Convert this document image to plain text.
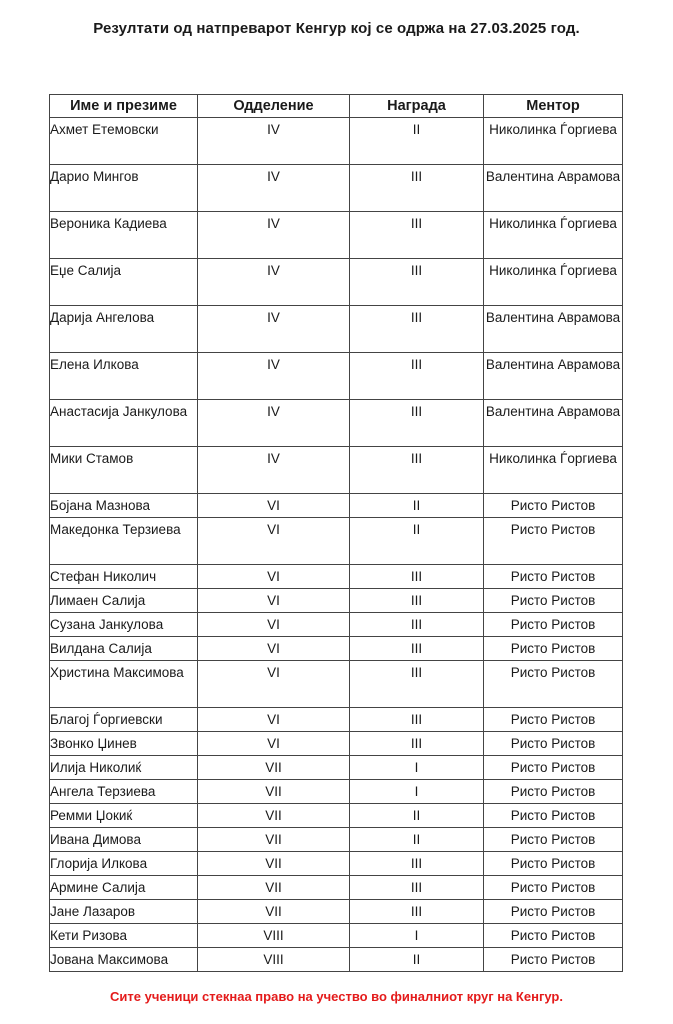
Резултати од натпреварот Кенгур кој се одржа на 27.03.2025 год.
Име и презиме	Одделение	Награда	Ментор

Ахмет Етемовски	IV	II	Николинка Ѓоргиева

Дарио Мингов	IV	III	Валентина Аврамова

Вероника Кадиева	IV	III	Николинка Ѓоргиева

Еџе Салија	IV	III	Николинка Ѓоргиева

Дарија Ангелова	IV	III	Валентина Аврамова

Елена Илкова	IV	III	Валентина Аврамова

Анастасија Јанкулова	IV	III	Валентина Аврамова

Мики Стамов	IV	III	Николинка Ѓоргиева

Бојана Мазнова	VI	II	Ристо Ристов

Македонка Терзиева	VI	II	Ристо Ристов

Стефан Николич	VI	III	Ристо Ристов

Лимаен Салија	VI	III	Ристо Ристов

Сузана Јанкулова	VI	III	Ристо Ристов

Вилдана Салија	VI	III	Ристо Ристов

Христина Максимова	VI	III	Ристо Ристов

Благој Ѓоргиевски	VI	III	Ристо Ристов

Звонко Џинев	VI	III	Ристо Ристов

Илија Николиќ	VII	I	Ристо Ристов

Ангела Терзиева	VII	I	Ристо Ристов

Ремми Џокиќ	VII	II	Ристо Ристов

Ивана Димова	VII	II	Ристо Ристов

Глорија Илкова	VII	III	Ристо Ристов

Армине Салија	VII	III	Ристо Ристов

Јане Лазаров	VII	III	Ристо Ристов

Кети Ризова	VIII	I	Ристо Ристов

Јована Максимова	VIII	II	Ристо Ристов
Сите ученици стекнаа право на учество во финалниот круг на Кенгур.
